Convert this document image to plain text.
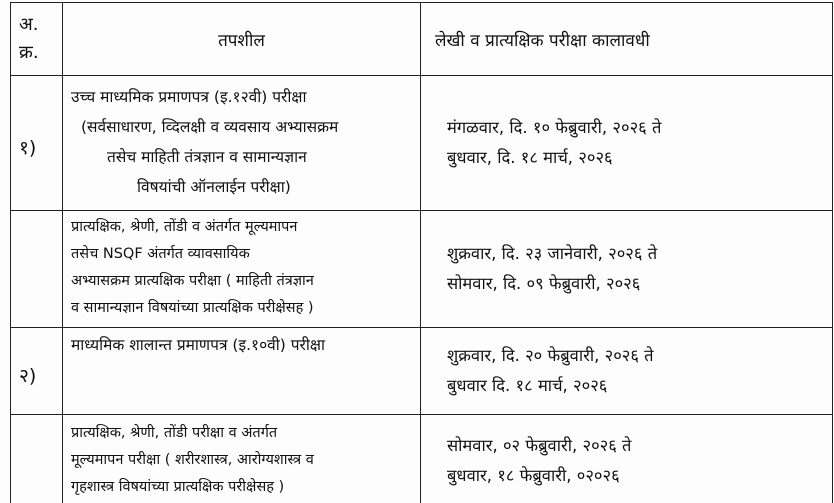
अ.
क्र.	तपशील	लेखी व प्रात्यक्षिक परीक्षा कालावधी
१)	उच्च माध्यमिक प्रमाणपत्र (इ.१२वी) परीक्षा
(सर्वसाधारण, व्दिलक्षी व व्यवसाय अभ्यासक्रम
तसेच माहिती तंत्रज्ञान व सामान्यज्ञान
विषयांची ऑनलाईन परीक्षा)	मंगळवार, दि. १० फेब्रुवारी, २०२६ ते
बुधवार, दि. १८ मार्च, २०२६

	प्रात्यक्षिक, श्रेणी, तोंडी व अंतर्गत मूल्यमापन
तसेच NSQF अंतर्गत व्यावसायिक
अभ्यासक्रम प्रात्यक्षिक परीक्षा ( माहिती तंत्रज्ञान
व सामान्यज्ञान विषयांच्या प्रात्यक्षिक परीक्षेसह )	शुक्रवार, दि. २३ जानेवारी, २०२६ ते
सोमवार, दि. ०९ फेब्रुवारी, २०२६

२)	माध्यमिक शालान्त प्रमाणपत्र (इ.१०वी) परीक्षा	शुक्रवार, दि. २० फेब्रुवारी, २०२६ ते
बुधवार दि. १८ मार्च, २०२६

	प्रात्यक्षिक, श्रेणी, तोंडी परीक्षा व अंतर्गत
मूल्यमापन परीक्षा ( शरीरशास्त्र, आरोग्यशास्त्र व
गृहशास्त्र विषयांच्या प्रात्यक्षिक परीक्षेसह )	सोमवार, ०२ फेब्रुवारी, २०२६ ते
बुधवार, १८ फेब्रुवारी, ०२०२६
